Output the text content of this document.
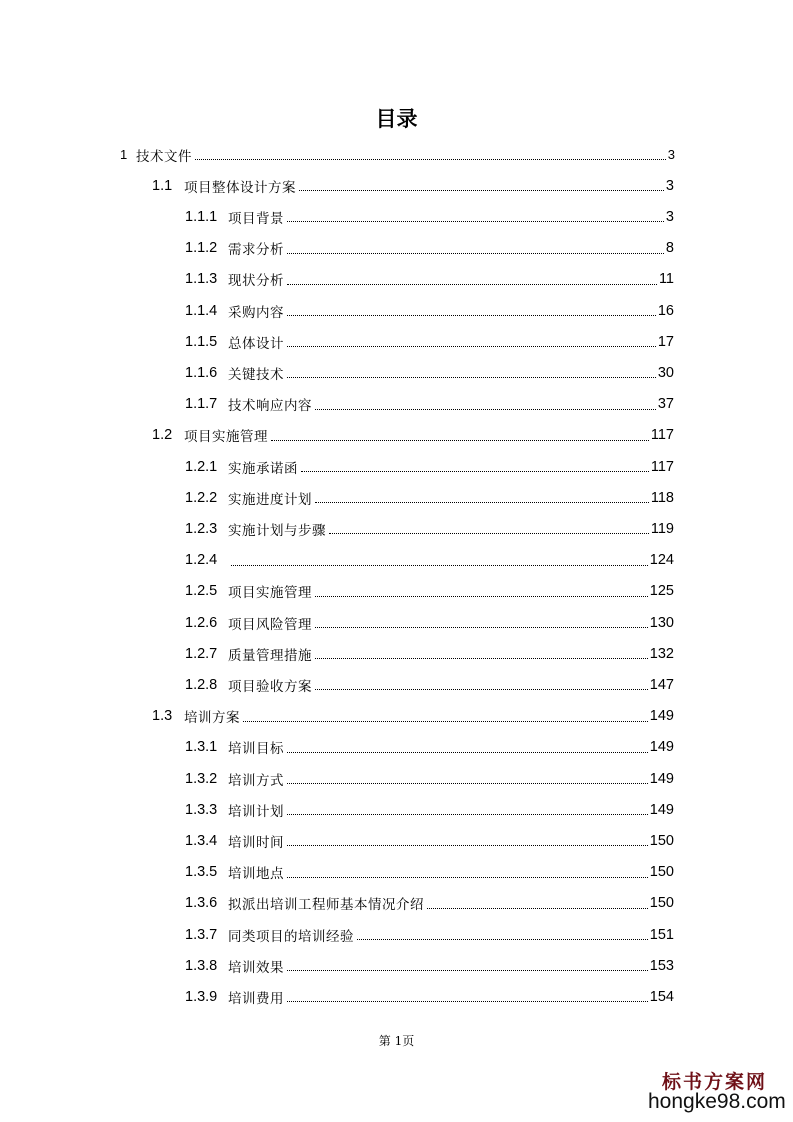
目录
1 技术文件	3
1.1 项目整体设计方案	3
1.1.1 项目背景	3
1.1.2 需求分析	8
1.1.3 现状分析	11
1.1.4 采购内容	16
1.1.5 总体设计	17
1.1.6 关键技术	30
1.1.7 技术响应内容	37
1.2 项目实施管理	117
1.2.1 实施承诺函	117
1.2.2 实施进度计划	118
1.2.3 实施计划与步骤	119
1.2.4	124
1.2.5 项目实施管理	125
1.2.6 项目风险管理	130
1.2.7 质量管理措施	132
1.2.8 项目验收方案	147
1.3 培训方案	149
1.3.1 培训目标	149
1.3.2 培训方式	149
1.3.3 培训计划	149
1.3.4 培训时间	150
1.3.5 培训地点	150
1.3.6 拟派出培训工程师基本情况介绍	150
1.3.7 同类项目的培训经验	151
1.3.8 培训效果	153
1.3.9 培训费用	154
第 1页
标书方案网
hongke98.com
